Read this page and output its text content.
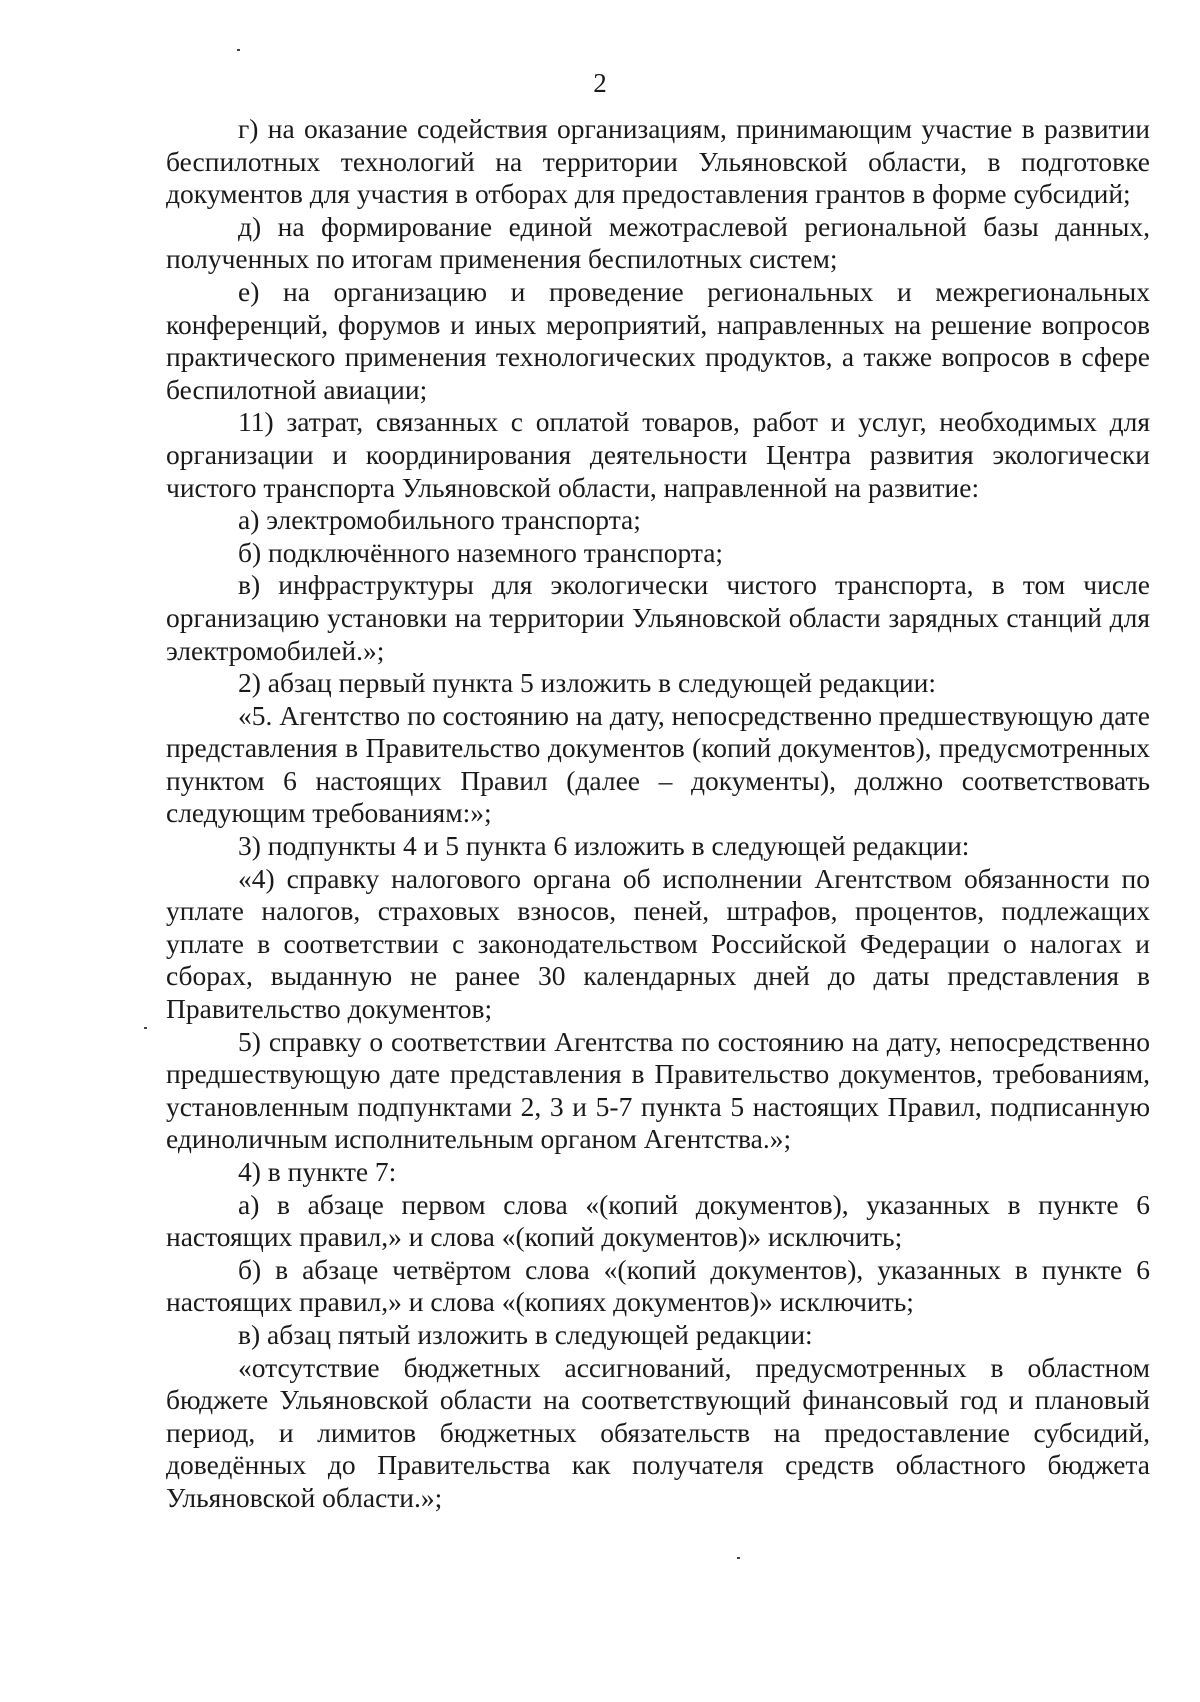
2

г) на оказание содействия организациям, принимающим участие в развитии беспилотных технологий на территории Ульяновской области, в подготовке документов для участия в отборах для предоставления грантов в форме субсидий;

д) на формирование единой межотраслевой региональной базы данных, полученных по итогам применения беспилотных систем;

е) на организацию и проведение региональных и межрегиональных конференций, форумов и иных мероприятий, направленных на решение вопросов практического применения технологических продуктов, а также вопросов в сфере беспилотной авиации;

11) затрат, связанных с оплатой товаров, работ и услуг, необходимых для организации и координирования деятельности Центра развития экологически чистого транспорта Ульяновской области, направленной на развитие:

а) электромобильного транспорта;

б) подключённого наземного транспорта;

в) инфраструктуры для экологически чистого транспорта, в том числе организацию установки на территории Ульяновской области зарядных станций для электромобилей.»;

2) абзац первый пункта 5 изложить в следующей редакции:

«5. Агентство по состоянию на дату, непосредственно предшествующую дате представления в Правительство документов (копий документов), предусмотренных пунктом 6 настоящих Правил (далее – документы), должно соответствовать следующим требованиям:»;

3) подпункты 4 и 5 пункта 6 изложить в следующей редакции:

«4) справку налогового органа об исполнении Агентством обязанности по уплате налогов, страховых взносов, пеней, штрафов, процентов, подлежащих уплате в соответствии с законодательством Российской Федерации о налогах и сборах, выданную не ранее 30 календарных дней до даты представления в Правительство документов;

5) справку о соответствии Агентства по состоянию на дату, непосредственно предшествующую дате представления в Правительство документов, требованиям, установленным подпунктами 2, 3 и 5-7 пункта 5 настоящих Правил, подписанную единоличным исполнительным органом Агентства.»;

4) в пункте 7:

а) в абзаце первом слова «(копий документов), указанных в пункте 6 настоящих правил,» и слова «(копий документов)» исключить;

б) в абзаце четвёртом слова «(копий документов), указанных в пункте 6 настоящих правил,» и слова «(копиях документов)» исключить;

в) абзац пятый изложить в следующей редакции:

«отсутствие бюджетных ассигнований, предусмотренных в областном бюджете Ульяновской области на соответствующий финансовый год и плановый период, и лимитов бюджетных обязательств на предоставление субсидий, доведённых до Правительства как получателя средств областного бюджета Ульяновской области.»;
